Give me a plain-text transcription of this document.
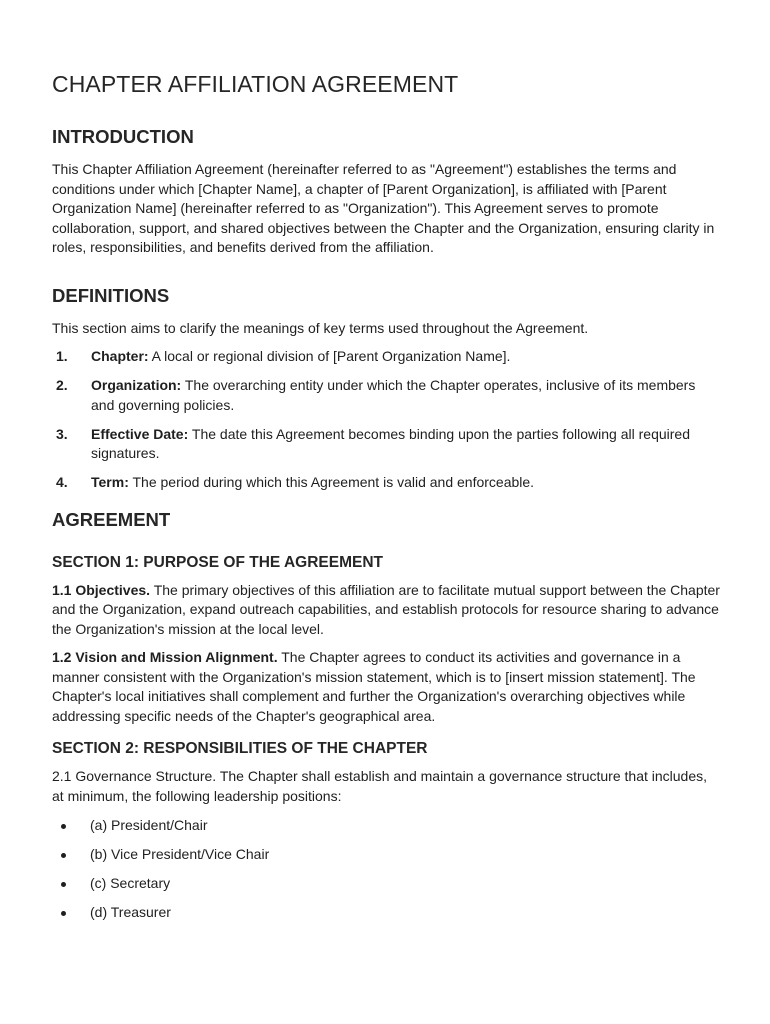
CHAPTER AFFILIATION AGREEMENT
INTRODUCTION

This Chapter Affiliation Agreement (hereinafter referred to as "Agreement") establishes the terms and conditions under which [Chapter Name], a chapter of [Parent Organization], is affiliated with [Parent Organization Name] (hereinafter referred to as "Organization"). This Agreement serves to promote collaboration, support, and shared objectives between the Chapter and the Organization, ensuring clarity in roles, responsibilities, and benefits derived from the affiliation.

DEFINITIONS

This section aims to clarify the meanings of key terms used throughout the Agreement.

1. Chapter: A local or regional division of [Parent Organization Name].
2. Organization: The overarching entity under which the Chapter operates, inclusive of its members and governing policies.
3. Effective Date: The date this Agreement becomes binding upon the parties following all required signatures.
4. Term: The period during which this Agreement is valid and enforceable.
AGREEMENT
SECTION 1: PURPOSE OF THE AGREEMENT

1.1 Objectives. The primary objectives of this affiliation are to facilitate mutual support between the Chapter and the Organization, expand outreach capabilities, and establish protocols for resource sharing to advance the Organization's mission at the local level.

1.2 Vision and Mission Alignment. The Chapter agrees to conduct its activities and governance in a manner consistent with the Organization's mission statement, which is to [insert mission statement]. The Chapter's local initiatives shall complement and further the Organization's overarching objectives while addressing specific needs of the Chapter's geographical area.

SECTION 2: RESPONSIBILITIES OF THE CHAPTER

2.1 Governance Structure. The Chapter shall establish and maintain a governance structure that includes, at minimum, the following leadership positions:

(a) President/Chair
(b) Vice President/Vice Chair
(c) Secretary
(d) Treasurer
